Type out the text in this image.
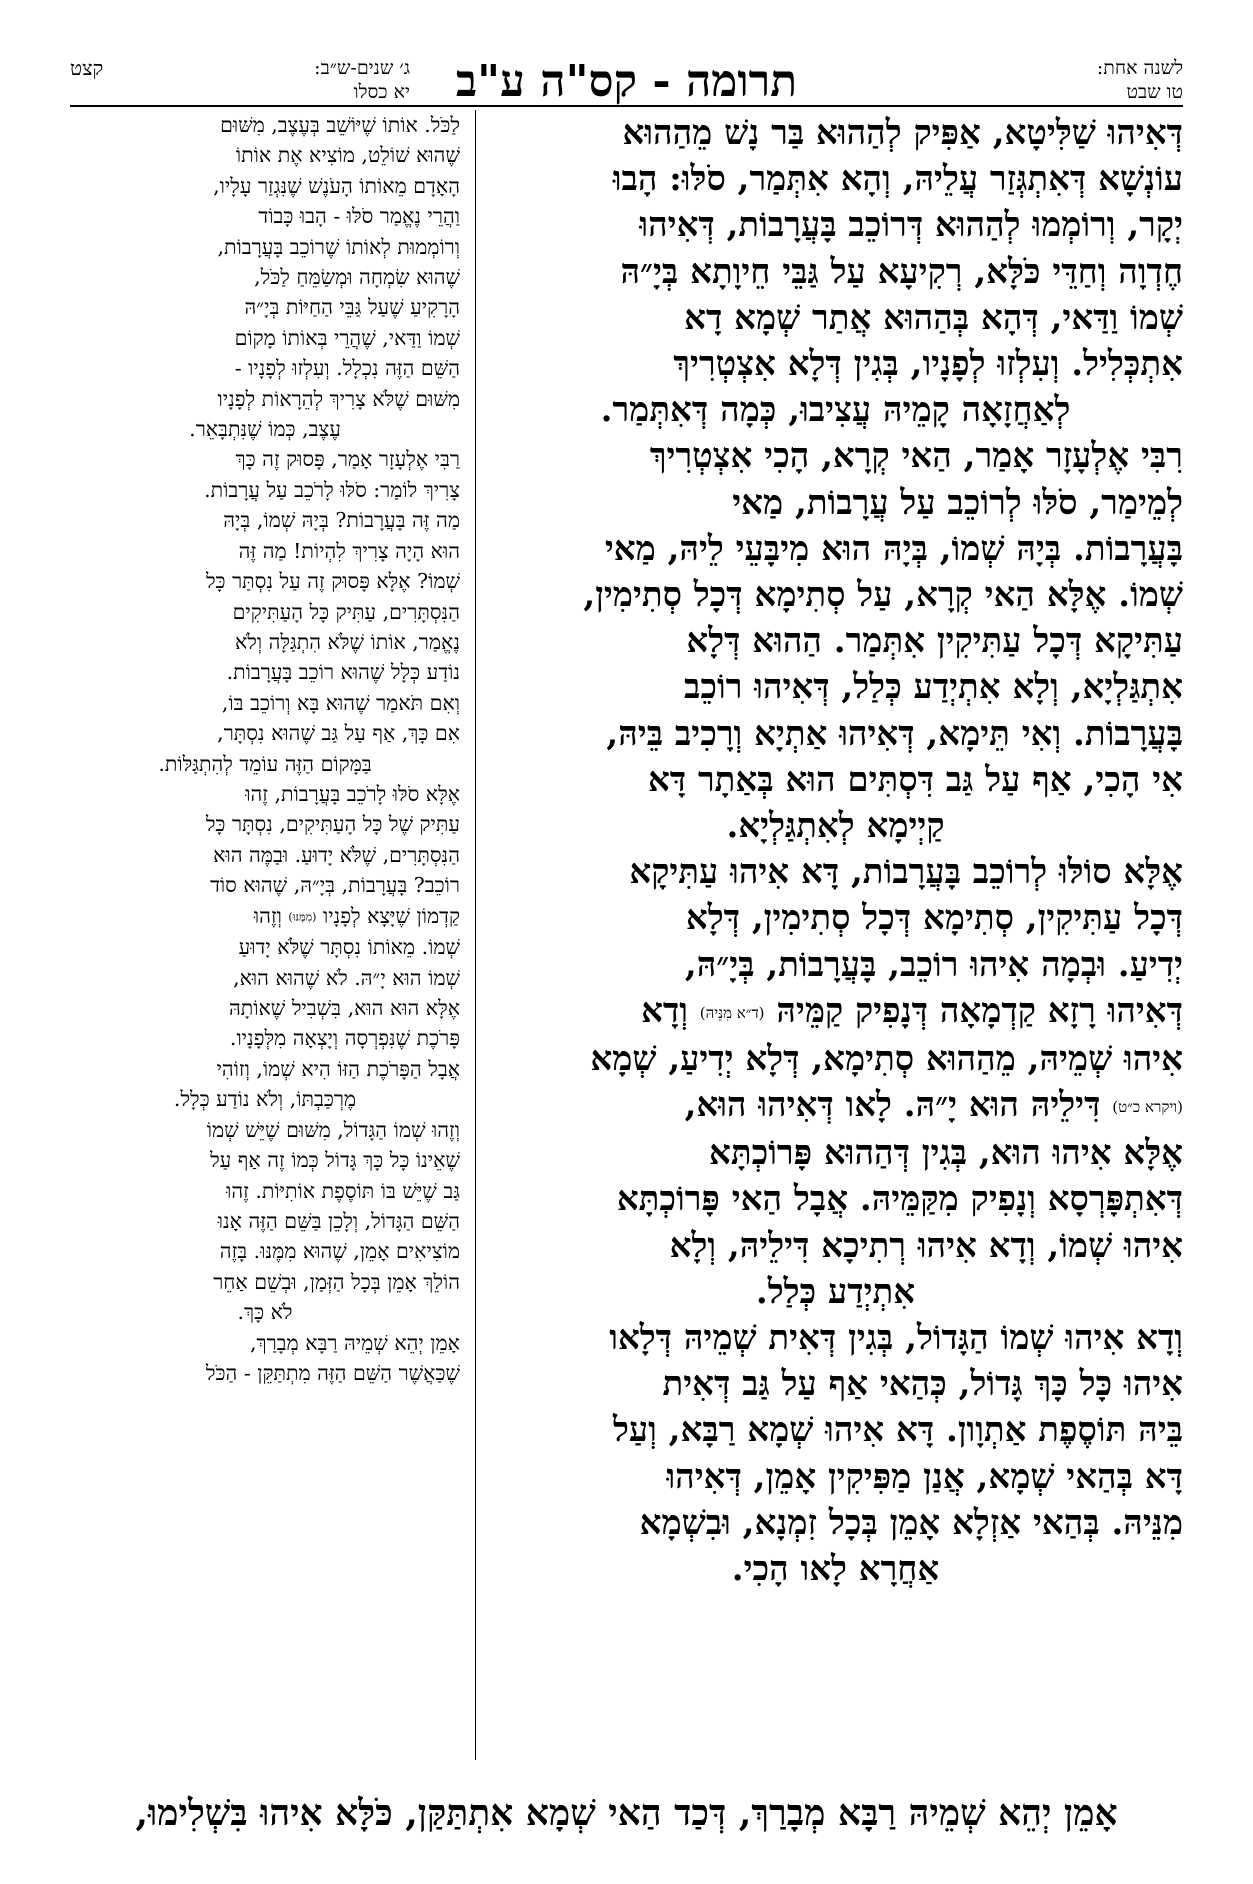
לשנה אחת:
טו שבט
תרומה - קס"ה ע"ב
ג׳ שנים-ש״ב:
יא כסלו
קצט

דְּאִיהוּ שַׁלִּיטָא, אַפִּיק לְהַהוּא בַּר נָשׁ מֵהַהוּא

עוֹנְשָׁא דְּאִתְגְּזַר עֲלֵיהּ, וְהָא אִתְּמַר, סֹלּוּ: הָבוּ

יְקָר, וְרוֹמְמוּ לְהַהוּא דְּרוֹכֵב בָּעֲרָבוֹת, דְּאִיהוּ

חֶדְוָה וְחַדֵּי כֹּלָּא, רְקִיעָא עַל גַּבֵּי חֵיוָתָא בְּיָ״הּ

שְׁמוֹ וַדַּאי, דְּהָא בְּהַהוּא אֲתַר שְׁמָא דָא

אִתְכְּלִיל. וְעִלְזוּ לְפָנָיו, בְּגִין דְּלָא אִצְטְרִיךְ

לְאַחֲזָאָה קָמֵיהּ עֲצִיבוּ, כְּמָה דְּאִתְּמַר.

רִבִּי אֶלְעָזָר אָמַר, הַאי קְרָא, הָכִי אִצְטְרִיךְ

לְמֵימַר, סֹלּוּ לְרוֹכֵב עַל עֲרָבוֹת, מַאי

בָּעֲרָבוֹת. בְּיָהּ שְׁמוֹ, בְּיָהּ הוּא מִיבָּעֵי לֵיהּ, מַאי

שְׁמוֹ. אֶלָּא הַאי קְרָא, עַל סְתִימָא דְּכָל סְתִימִין,

עַתִּיקָא דְּכָל עַתִּיקִין אִתְּמַר. הַהוּא דְּלָא

אִתְגַּלְיָא, וְלָא אִתְיְדַע כְּלַל, דְּאִיהוּ רוֹכֵב

בָּעֲרָבוֹת. וְאִי תֵּימָא, דְּאִיהוּ אַתְיָא וְרָכִיב בֵּיהּ,

אִי הָכִי, אַף עַל גַּב דִּסְתִּים הוּא בְּאַתָר דָּא

קַיְימָא לְאִתְגַּלְיָא.

אֶלָּא סוֹלּוּ לְרוֹכֵב בָּעֲרָבוֹת, דָּא אִיהוּ עַתִּיקָא

דְּכָל עַתִּיקִין, סְתִימָא דְּכָל סְתִימִין, דְּלָא

יְדִיעַ. וּבְמָה אִיהוּ רוֹכֵב, בָּעֲרָבוֹת, בְּיָ״הּ,

דְּאִיהוּ רָזָא קַדְמָאָה דְּנָפִיק קַמֵּיהּ (ד״א מִנֵּיהּ) וְדָא

אִיהוּ שְׁמֵיהּ, מֵהַהוּא סְתִימָא, דְּלָא יְדִיעַ, שְׁמָא

(ויקרא כ״ט) דִּילֵיהּ הוּא יָ״הּ. לָאו דְּאִיהוּ הוּא,

אֶלָּא אִיהוּ הוּא, בְּגִין דְּהַהוּא פָּרוֹכְתָּא

דְּאִתְפָּרְסָא וְנָפִיק מִקַּמֵּיהּ. אֲבָל הַאי פָּרוֹכְתָּא

אִיהוּ שְׁמוֹ, וְדָא אִיהוּ רְתִיכָא דִּילֵיהּ, וְלָא

אִתְיְדַע כְּלַל.

וְדָא אִיהוּ שְׁמוֹ הַגָּדוֹל, בְּגִין דְּאִית שְׁמֵיהּ דְּלָאו

אִיהוּ כָּל כָּךְ גָּדוֹל, כְּהַאי אַף עַל גַּב דְּאִית

בֵּיהּ תּוֹסֶפֶת אַתְוָון. דָּא אִיהוּ שְׁמָא רַבָּא, וְעַל

דָּא בְּהַאי שְׁמָא, אֲנַן מַפִּיקִין אָמֵן, דְּאִיהוּ

מִנֵּיהּ. בְּהַאי אַזְלָא אָמֵן בְּכָל זִמְנָא, וּבִשְׁמָא

אַחֲרָא לָאו הָכִי.

לַכֹּל. אוֹתוֹ שֶׁיּוֹשֵׁב בְּעֶצֶב, מִשּׁוּם

שֶׁהוּא שׁוֹלֵט, מוֹצִיא אֶת אוֹתוֹ

הָאָדָם מֵאוֹתוֹ הָעֹנֶשׁ שֶׁנִּגְזַר עָלָיו,

וַהֲרֵי נֶאֱמַר סֹלּוּ - הָבוּ כָּבוֹד

וְרוֹמְמוּת לְאוֹתוֹ שֶׁרוֹכֵב בָּעֲרָבוֹת,

שֶׁהוּא שִׂמְחָה וּמְשַׂמֵּחַ לַכֹּל,

הָרָקִיעַ שֶׁעַל גַּבֵּי הַחַיּוֹת בְּיָ״הּ

שְׁמוֹ וַדַּאי, שֶׁהֲרֵי בְּאוֹתוֹ מָקוֹם

הַשֵּׁם הַזֶּה נִכְלָל. וְעִלְזוּ לְפָנָיו -

מִשּׁוּם שֶׁלֹּא צָרִיךְ לְהֵרָאוֹת לְפָנָיו

עֶצֶב, כְּמוֹ שֶׁנִּתְבָּאֵר.

רַבִּי אֶלְעָזָר אָמַר, פָּסוּק זֶה כָּךְ

צָרִיךְ לוֹמַר: סֹלּוּ לָרֹכֵב עַל עֲרָבוֹת.

מַה זֶּה בָּעֲרָבוֹת? בְּיָהּ שְׁמוֹ, בְּיָהּ

הוּא הָיָה צָרִיךְ לִהְיוֹת! מַה זֶּה

שְׁמוֹ? אֶלָּא פָּסוּק זֶה עַל נִסְתַּר כָּל

הַנִּסְתָּרִים, עַתִּיק כָּל הָעַתִּיקִים

נֶאֱמַר, אוֹתוֹ שֶׁלֹּא הִתְגַּלָּה וְלֹא

נוֹדַע כְּלָל שֶׁהוּא רוֹכֵב בָּעֲרָבוֹת.

וְאִם תֹּאמַר שֶׁהוּא בָּא וְרוֹכֵב בּוֹ,

אִם כָּךְ, אַף עַל גַּב שֶׁהוּא נִסְתָּר,

בַּמָּקוֹם הַזֶּה עוֹמֵד לְהִתְגַּלּוֹת.

אֶלָּא סֹלּוּ לָרֹכֵב בָּעֲרָבוֹת, זֶהוּ

עַתִּיק שֶׁל כָּל הָעַתִּיקִים, נִסְתָּר כָּל

הַנִּסְתָּרִים, שֶׁלֹּא יָדוּעַ. וּבַמֶּה הוּא

רוֹכֵב? בָּעֲרָבוֹת, בְּיָ״הּ, שֶׁהוּא סוֹד

קַדְמוֹן שֶׁיָּצָא לְפָנָיו (מִמֶּנּוּ) וְזֶהוּ

שְׁמוֹ. מֵאוֹתוֹ נִסְתָּר שֶׁלֹּא יָדוּעַ

שְׁמוֹ הוּא יָ״הּ. לֹא שֶׁהוּא הוּא,

אֶלָּא הוּא הוּא, בִּשְׁבִיל שֶׁאוֹתָהּ

פָּרֹכֶת שֶׁנִּפְרְסָה וְיָצְאָה מִלְּפָנָיו.

אֲבָל הַפָּרֹכֶת הַזּוֹ הִיא שְׁמוֹ, וְזוֹהִי

מֶרְכַּבְתּוֹ, וְלֹא נוֹדַע כְּלָל.

וְזֶהוּ שְׁמוֹ הַגָּדוֹל, מִשּׁוּם שֶׁיֵּשׁ שְׁמוֹ

שֶׁאֵינוֹ כָּל כָּךְ גָּדוֹל כְּמוֹ זֶה אַף עַל

גַּב שֶׁיֵּשׁ בּוֹ תּוֹסֶפֶת אוֹתִיּוֹת. זֶהוּ

הַשֵּׁם הַגָּדוֹל, וְלָכֵן בַּשֵּׁם הַזֶּה אָנוּ

מוֹצִיאִים אָמֵן, שֶׁהוּא מִמֶּנּוּ. בָּזֶה

הוֹלֵךְ אָמֵן בְּכָל הַזְּמַן, וּבְשֵׁם אַחֵר

לֹא כָּךְ.

אָמֵן יְהֵא שְׁמֵיהּ רַבָּא מְבָרַךְ,

שֶׁכַּאֲשֶׁר הַשֵּׁם הַזֶּה מִתְתַּקֵּן - הַכֹּל

אָמֵן יְהֵא שְׁמֵיהּ רַבָּא מְבָרַךְ, דְּכַד הַאי שְׁמָא אִתְתַּקַּן, כֹּלָּא אִיהוּ בִּשְׁלִימוּ,
